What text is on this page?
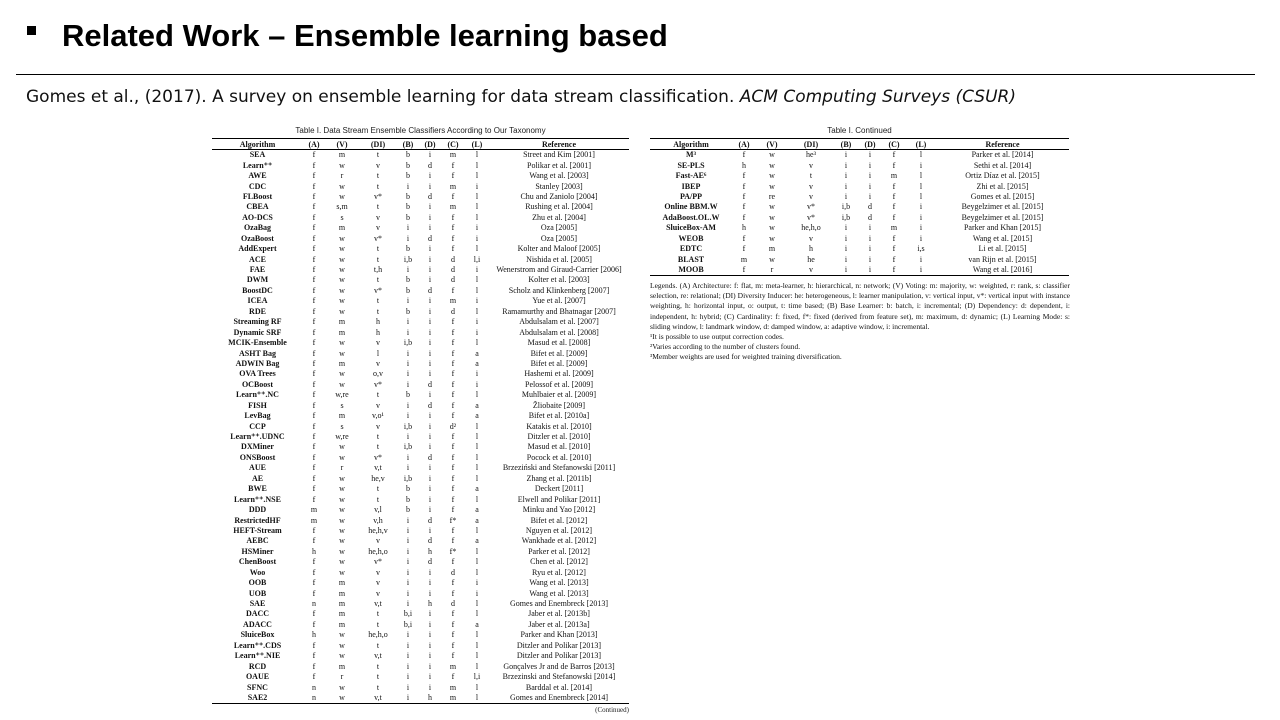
Related Work – Ensemble learning based
Gomes et al., (2017). A survey on ensemble learning for data stream classification. ACM Computing Surveys (CSUR)
Table I. Data Stream Ensemble Classifiers According to Our Taxonomy
Algorithm	(A)	(V)	(DI)	(B)	(D)	(C)	(L)	Reference
SEA	f	m	t	b	i	m	l	Street and Kim [2001]
Learn⁺⁺	f	w	v	b	d	f	l	Polikar et al. [2001]
AWE	f	r	t	b	i	f	l	Wang et al. [2003]
CDC	f	w	t	i	i	m	i	Stanley [2003]
FLBoost	f	w	v*	b	d	f	l	Chu and Zaniolo [2004]
CBEA	f	s,m	t	b	i	m	l	Rushing et al. [2004]
AO-DCS	f	s	v	b	i	f	l	Zhu et al. [2004]
OzaBag	f	m	v	i	i	f	i	Oza [2005]
OzaBoost	f	w	v*	i	d	f	i	Oza [2005]
AddExpert	f	w	t	b	i	f	l	Kolter and Maloof [2005]
ACE	f	w	t	i,b	i	d	l,i	Nishida et al. [2005]
FAE	f	w	t,h	i	i	d	i	Wenerstrom and Giraud-Carrier [2006]
DWM	f	w	t	b	i	d	l	Kolter et al. [2003]
BoostDC	f	w	v*	b	d	f	l	Scholz and Klinkenberg [2007]
ICEA	f	w	t	i	i	m	i	Yue et al. [2007]
RDE	f	w	t	b	i	d	l	Ramamurthy and Bhatnagar [2007]
Streaming RF	f	m	h	i	i	f	i	Abdulsalam et al. [2007]
Dynamic SRF	f	m	h	i	i	f	i	Abdulsalam et al. [2008]
MCIK-Ensemble	f	w	v	i,b	i	f	l	Masud et al. [2008]
ASHT Bag	f	w	l	i	i	f	a	Bifet et al. [2009]
ADWIN Bag	f	m	v	i	i	f	a	Bifet et al. [2009]
OVA Trees	f	w	o,v	i	i	f	i	Hashemi et al. [2009]
OCBoost	f	w	v*	i	d	f	i	Pelossof et al. [2009]
Learn⁺⁺.NC	f	w,re	t	b	i	f	l	Muhlbaier et al. [2009]
FISH	f	s	v	i	d	f	a	Žliobaite [2009]
LevBag	f	m	v,o¹	i	i	f	a	Bifet et al. [2010a]
CCP	f	s	v	i,b	i	d²	l	Katakis et al. [2010]
Learn⁺⁺.UDNC	f	w,re	t	i	i	f	l	Ditzler et al. [2010]
DXMiner	f	w	t	i,b	i	f	l	Masud et al. [2010]
ONSBoost	f	w	v*	i	d	f	l	Pocock et al. [2010]
AUE	f	r	v,t	i	i	f	l	Brzeziński and Stefanowski [2011]
AE	f	w	he,v	i,b	i	f	l	Zhang et al. [2011b]
BWE	f	w	t	b	i	f	a	Deckert [2011]
Learn⁺⁺.NSE	f	w	t	b	i	f	l	Elwell and Polikar [2011]
DDD	m	w	v,l	b	i	f	a	Minku and Yao [2012]
RestrictedHF	m	w	v,h	i	d	f*	a	Bifet et al. [2012]
HEFT-Stream	f	w	he,h,v	i	i	f	l	Nguyen et al. [2012]
AEBC	f	w	v	i	d	f	a	Wankhade et al. [2012]
HSMiner	h	w	he,h,o	i	h	f*	l	Parker et al. [2012]
ChenBoost	f	w	v*	i	d	f	l	Chen et al. [2012]
Woo	f	w	v	i	i	d	l	Ryu et al. [2012]
OOB	f	m	v	i	i	f	i	Wang et al. [2013]
UOB	f	m	v	i	i	f	i	Wang et al. [2013]
SAE	n	m	v,t	i	h	d	l	Gomes and Enembreck [2013]
DACC	f	m	t	b,i	i	f	l	Jaber et al. [2013b]
ADACC	f	m	t	b,i	i	f	a	Jaber et al. [2013a]
SluiceBox	h	w	he,h,o	i	i	f	l	Parker and Khan [2013]
Learn⁺⁺.CDS	f	w	t	i	i	f	l	Ditzler and Polikar [2013]
Learn⁺⁺.NIE	f	w	v,t	i	i	f	l	Ditzler and Polikar [2013]
RCD	f	m	t	i	i	m	l	Gonçalves Jr and de Barros [2013]
OAUE	f	r	t	i	i	f	l,i	Brzezinski and Stefanowski [2014]
SFNC	n	w	t	i	i	m	l	Barddal et al. [2014]
SAE2	n	w	v,t	i	h	m	l	Gomes and Enembreck [2014]
(Continued)
Table I. Continued
Algorithm	(A)	(V)	(DI)	(B)	(D)	(C)	(L)	Reference
M³	f	w	he³	i	i	f	l	Parker et al. [2014]
SE-PLS	h	w	v	i	i	f	i	Sethi et al. [2014]
Fast-AE⁶	f	w	t	i	i	m	l	Ortiz Díaz et al. [2015]
IBEP	f	w	v	i	i	f	l	Zhi et al. [2015]
PA/PP	f	re	v	i	i	f	l	Gomes et al. [2015]
Online BBM.W	f	w	v*	i,b	d	f	i	Beygelzimer et al. [2015]
AdaBoost.OL.W	f	w	v*	i,b	d	f	i	Beygelzimer et al. [2015]
SluiceBox-AM	h	w	he,h,o	i	i	m	i	Parker and Khan [2015]
WEOB	f	w	v	i	i	f	i	Wang et al. [2015]
EDTC	f	m	h	i	i	f	i,s	Li et al. [2015]
BLAST	m	w	he	i	i	f	i	van Rijn et al. [2015]
MOOB	f	r	v	i	i	f	i	Wang et al. [2016]

Legends. (A) Architecture: f: flat, m: meta-learner, h: hierarchical, n: network; (V) Voting: m: majority, w: weighted, r: rank, s: classifier selection, re: relational; (DI) Diversity Inducer: he: heterogeneous, l: learner manipulation, v: vertical input, v*: vertical input with instance weighting, h: horizontal input, o: output, t: time based; (B) Base Learner: b: batch, i: incremental; (D) Dependency: d: dependent, i: independent, h: hybrid; (C) Cardinality: f: fixed, f*: fixed (derived from feature set), m: maximum, d: dynamic; (L) Learning Mode: s: sliding window, l: landmark window, d: damped window, a: adaptive window, i: incremental.

¹It is possible to use output correction codes.

²Varies according to the number of clusters found.

³Member weights are used for weighted training diversification.
